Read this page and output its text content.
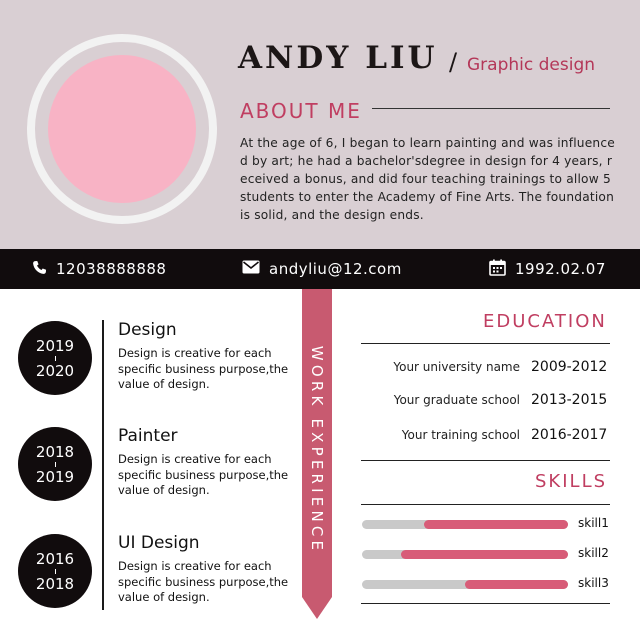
ANDY LIU / Graphic design
ABOUT ME
At the age of 6, I began to learn painting and was influenced by art; he had a bachelor'sdegree in design for 4 years, received a bonus, and did four teaching trainings to allow 5 students to enter the Academy of Fine Arts. The foundation is solid, and the design ends.
12038888888	andyliu@12.com	1992.02.07
2019
2020
Design
Design is creative for each specific business purpose,the value of design.
2018
2019
Painter
Design is creative for each specific business purpose,the value of design.
2016
2018
UI Design
Design is creative for each specific business purpose,the value of design.
WORK EXPERIENCE
EDUCATION
Your university name 2009-2012
Your graduate school 2013-2015
Your training school 2016-2017
SKILLS
skill1
skill2
skill3
